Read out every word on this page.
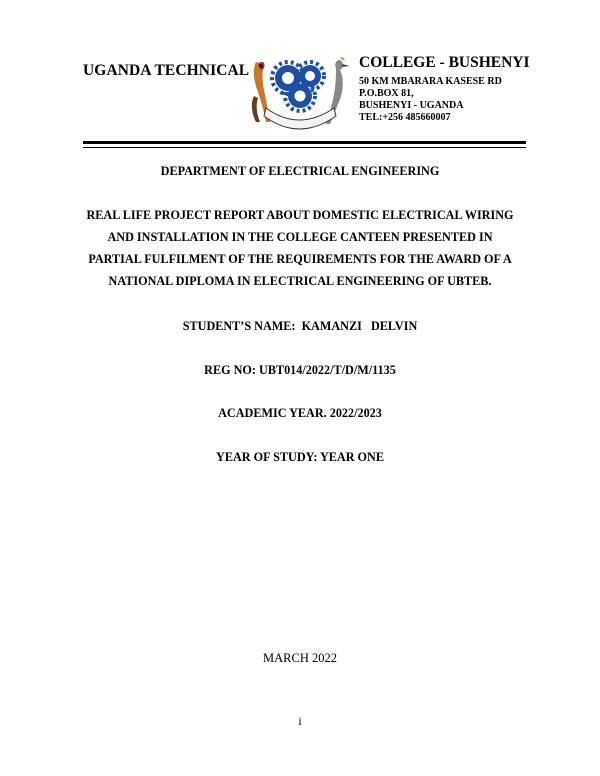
UGANDA TECHNICAL	COLLEGE - BUSHENYI
50 KM MBARARA KASESE RD
P.O.BOX 81,
BUSHENYI - UGANDA
TEL:+256 485660007
DEPARTMENT OF ELECTRICAL ENGINEERING
REAL LIFE PROJECT REPORT ABOUT DOMESTIC ELECTRICAL WIRING
AND INSTALLATION IN THE COLLEGE CANTEEN PRESENTED IN
PARTIAL FULFILMENT OF THE REQUIREMENTS FOR THE AWARD OF A
NATIONAL DIPLOMA IN ELECTRICAL ENGINEERING OF UBTEB.
STUDENT’S NAME:  KAMANZI   DELVIN
REG NO: UBT014/2022/T/D/M/1135
ACADEMIC YEAR. 2022/2023
YEAR OF STUDY: YEAR ONE
MARCH 2022
i
